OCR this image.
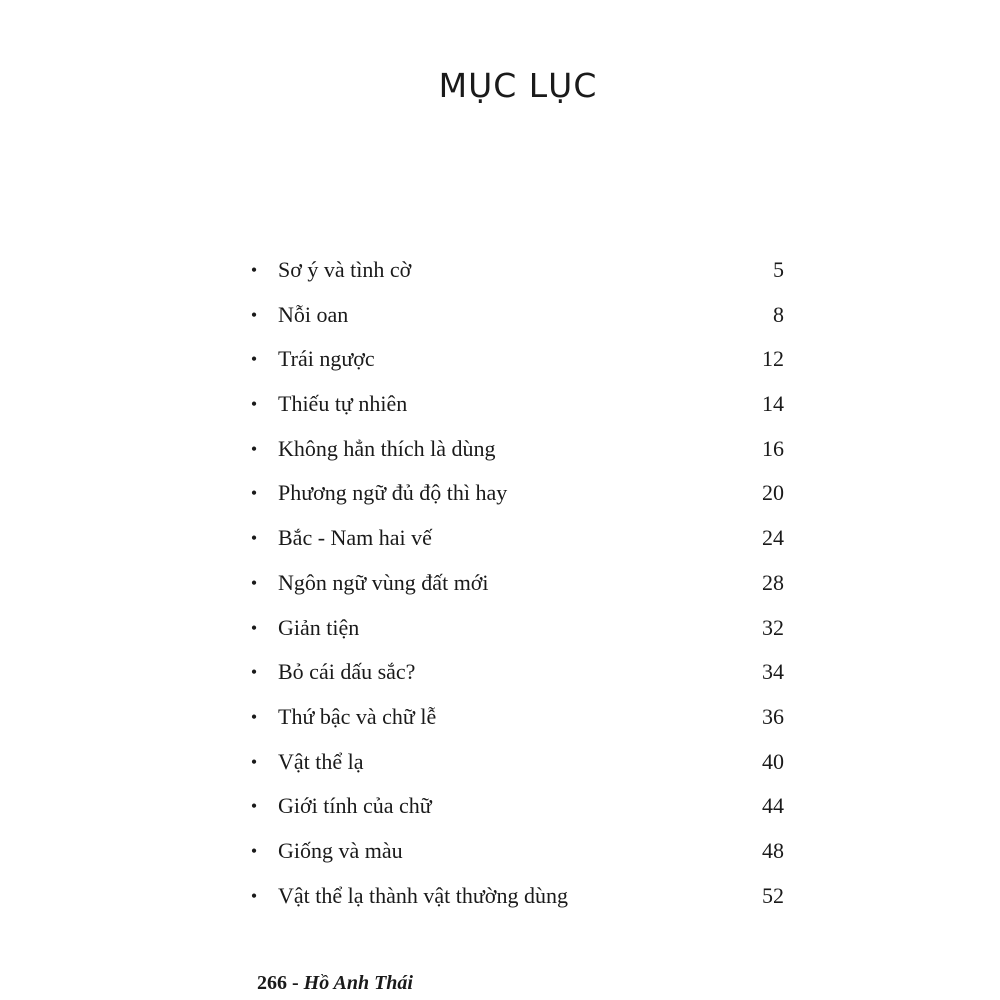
MỤC LỤC
• Sơ ý và tình cờ	5
• Nỗi oan	8
• Trái ngược	12
• Thiếu tự nhiên	14
• Không hẳn thích là dùng	16
• Phương ngữ đủ độ thì hay	20
• Bắc - Nam hai vế	24
• Ngôn ngữ vùng đất mới	28
• Giản tiện	32
• Bỏ cái dấu sắc?	34
• Thứ bậc và chữ lễ	36
• Vật thể lạ	40
• Giới tính của chữ	44
• Giống và màu	48
• Vật thể lạ thành vật thường dùng	52
266 - Hồ Anh Thái
